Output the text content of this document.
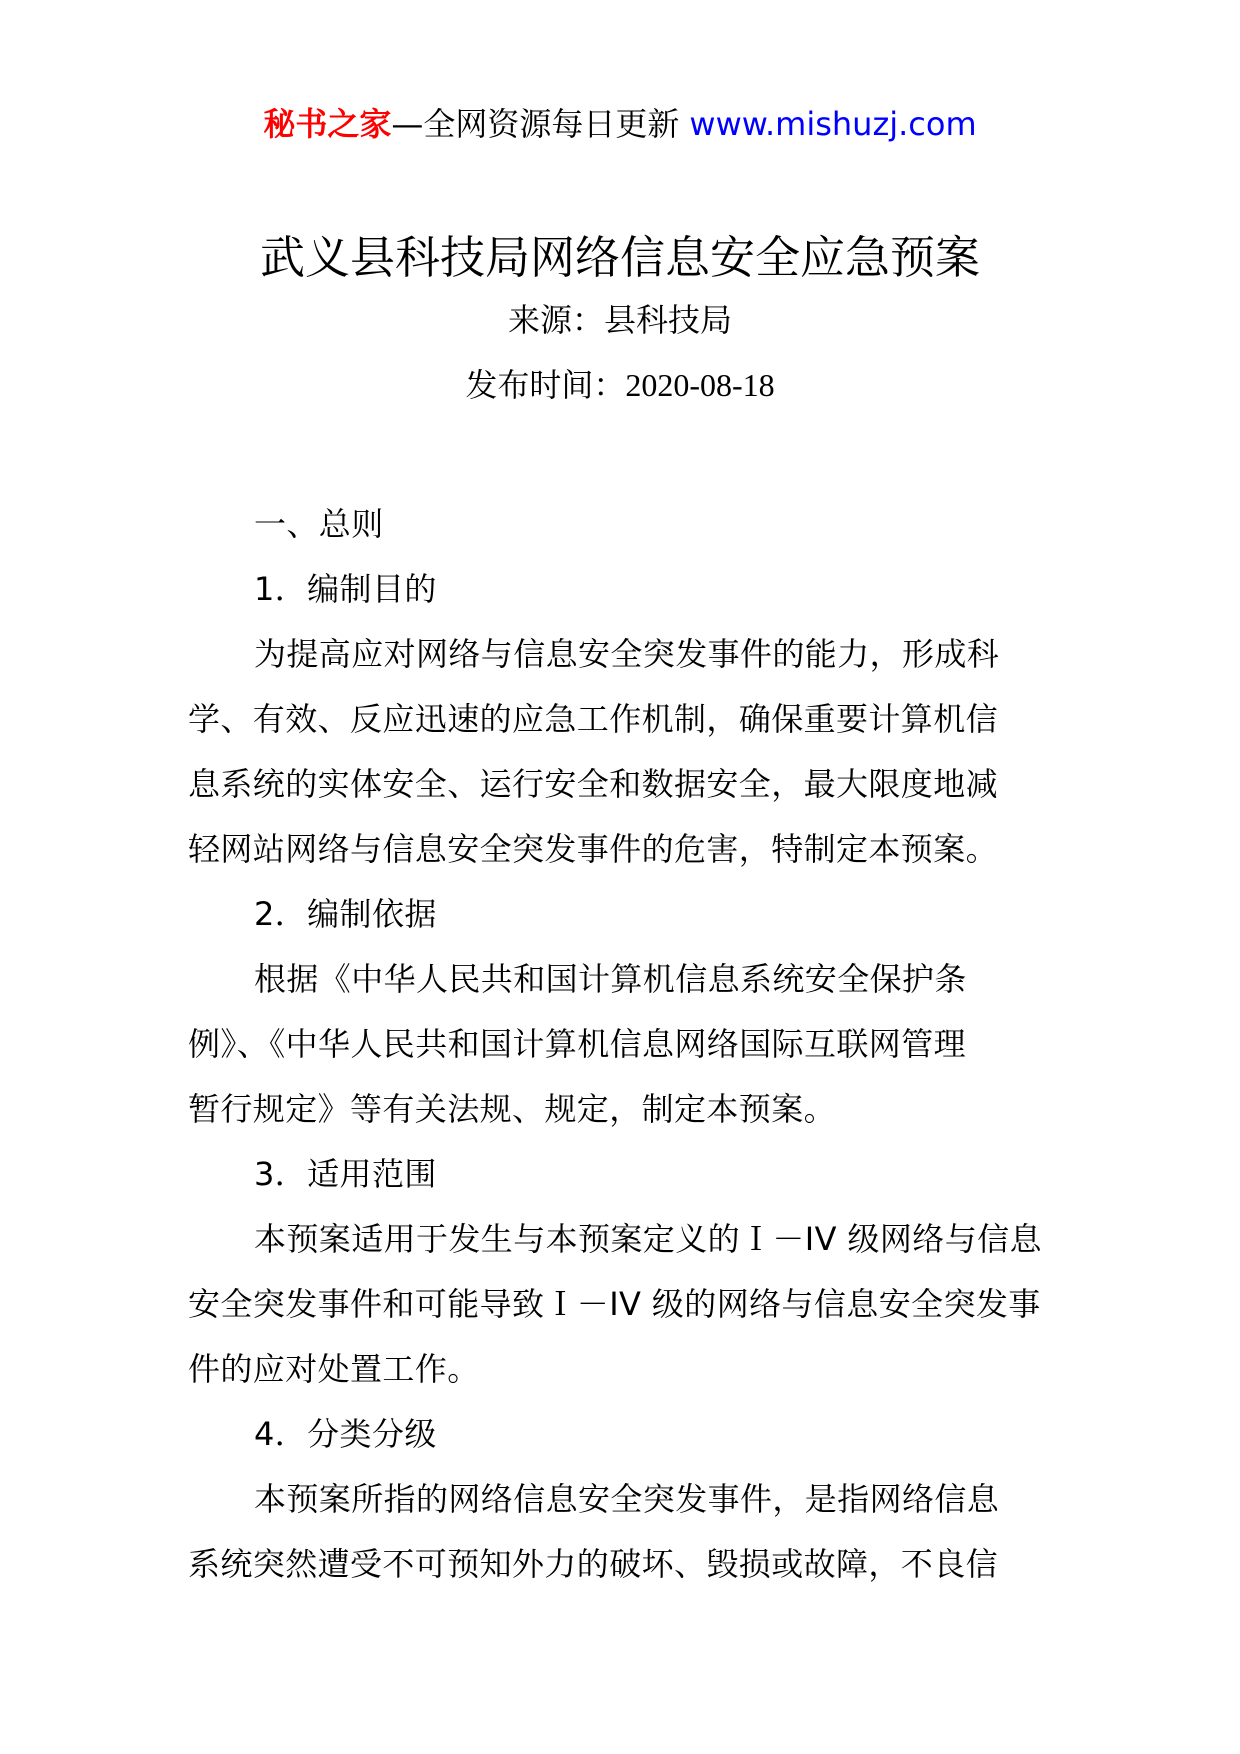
秘书之家—全网资源每日更新 www.mishuzj.com
武义县科技局网络信息安全应急预案
来源：县科技局
发布时间：2020-08-18
一、总则
1．编制目的
为提高应对网络与信息安全突发事件的能力，形成科
学、有效、反应迅速的应急工作机制，确保重要计算机信
息系统的实体安全、运行安全和数据安全，最大限度地减
轻网站网络与信息安全突发事件的危害，特制定本预案。
2．编制依据
根据《中华人民共和国计算机信息系统安全保护条
例》、《中华人民共和国计算机信息网络国际互联网管理
暂行规定》等有关法规、规定，制定本预案。
3．适用范围
本预案适用于发生与本预案定义的Ｉ－IV 级网络与信息
安全突发事件和可能导致Ｉ－IV 级的网络与信息安全突发事
件的应对处置工作。
4．分类分级
本预案所指的网络信息安全突发事件，是指网络信息
系统突然遭受不可预知外力的破坏、毁损或故障，不良信
